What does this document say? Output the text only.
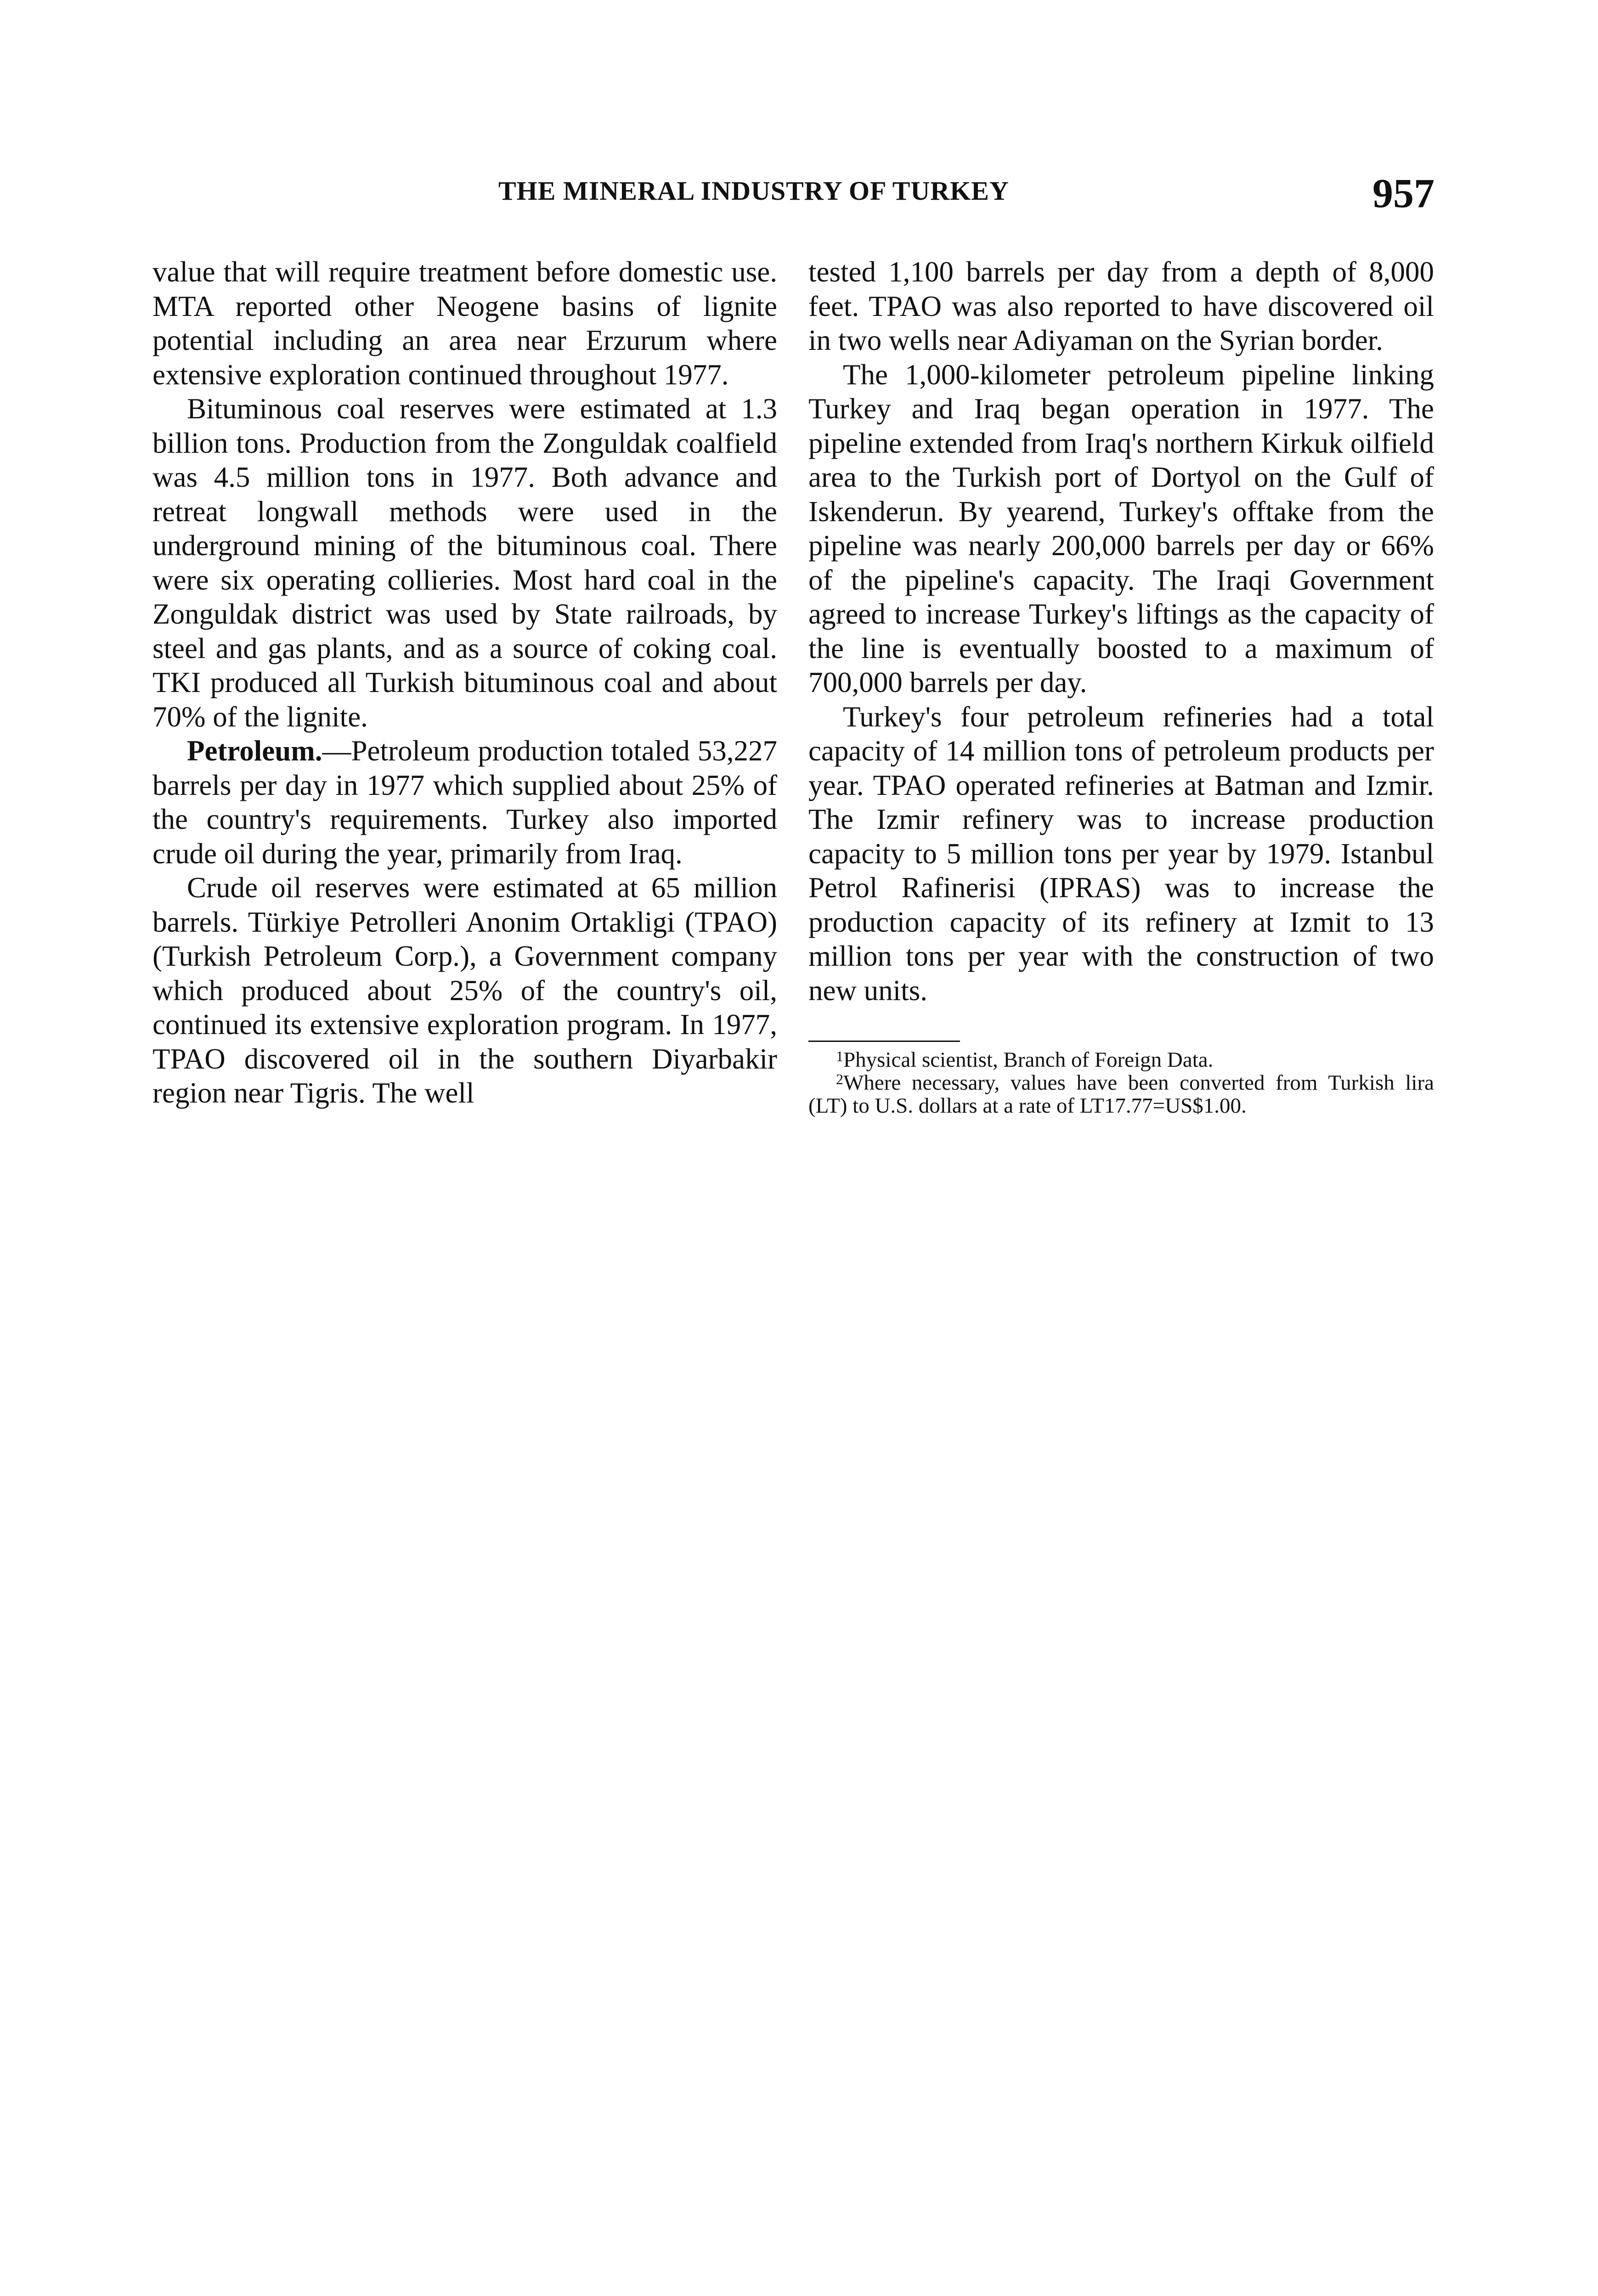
THE MINERAL INDUSTRY OF TURKEY	957

value that will require treatment before domestic use. MTA reported other Neogene basins of lignite potential including an area near Erzurum where extensive exploration continued throughout 1977.

Bituminous coal reserves were estimated at 1.3 billion tons. Production from the Zonguldak coalfield was 4.5 million tons in 1977. Both advance and retreat longwall methods were used in the underground mining of the bituminous coal. There were six operating collieries. Most hard coal in the Zonguldak district was used by State railroads, by steel and gas plants, and as a source of coking coal. TKI produced all Turkish bituminous coal and about 70% of the lignite.

Petroleum.—Petroleum production totaled 53,227 barrels per day in 1977 which supplied about 25% of the country's requirements. Turkey also imported crude oil during the year, primarily from Iraq.

Crude oil reserves were estimated at 65 million barrels. Türkiye Petrolleri Anonim Ortakligi (TPAO) (Turkish Petroleum Corp.), a Government company which produced about 25% of the country's oil, continued its extensive exploration program. In 1977, TPAO discovered oil in the southern Diyarbakir region near Tigris. The well

tested 1,100 barrels per day from a depth of 8,000 feet. TPAO was also reported to have discovered oil in two wells near Adiyaman on the Syrian border.

The 1,000-kilometer petroleum pipeline linking Turkey and Iraq began operation in 1977. The pipeline extended from Iraq's northern Kirkuk oilfield area to the Turkish port of Dortyol on the Gulf of Iskenderun. By yearend, Turkey's offtake from the pipeline was nearly 200,000 barrels per day or 66% of the pipeline's capacity. The Iraqi Government agreed to increase Turkey's liftings as the capacity of the line is eventually boosted to a maximum of 700,000 barrels per day.

Turkey's four petroleum refineries had a total capacity of 14 million tons of petroleum products per year. TPAO operated refineries at Batman and Izmir. The Izmir refinery was to increase production capacity to 5 million tons per year by 1979. Istanbul Petrol Rafinerisi (IPRAS) was to increase the production capacity of its refinery at Izmit to 13 million tons per year with the construction of two new units.

$^1$Physical scientist, Branch of Foreign Data.

$^2$Where necessary, values have been converted from Turkish lira (LT) to U.S. dollars at a rate of LT17.77=US$1.00.
